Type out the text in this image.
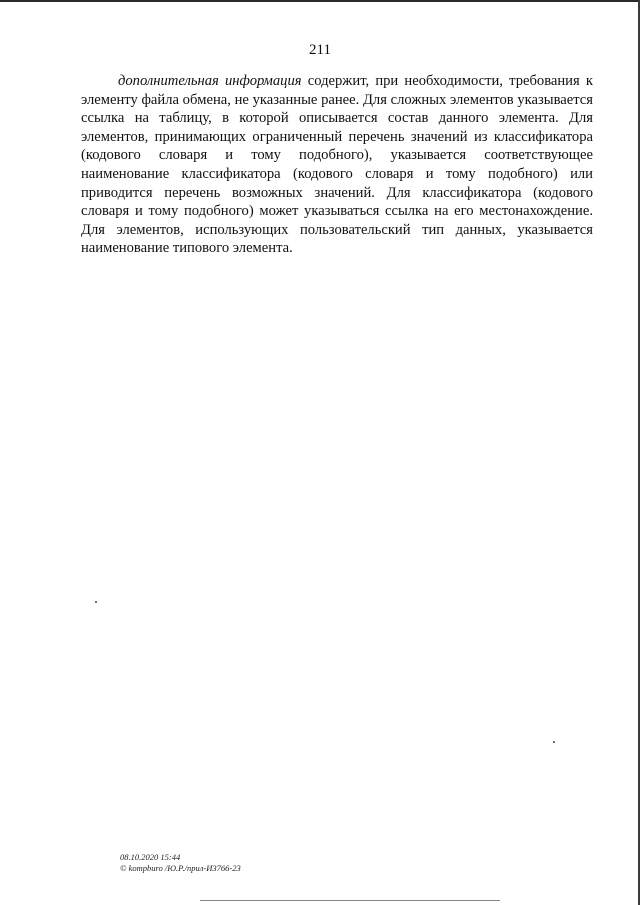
211

дополнительная информация содержит, при необходимости, требования к элементу файла обмена, не указанные ранее. Для сложных элементов указывается ссылка на таблицу, в которой описывается состав данного элемента. Для элементов, принимающих ограниченный перечень значений из классификатора (кодового словаря и тому подобного), указывается соответствующее наименование классификатора (кодового словаря и тому подобного) или приводится перечень возможных значений. Для классификатора (кодового словаря и тому подобного) может указываться ссылка на его местонахождение. Для элементов, использующих пользовательский тип данных, указывается наименование типового элемента.

08.10.2020 15:44
© kompburo /Ю.Р./прил-И3766-23
